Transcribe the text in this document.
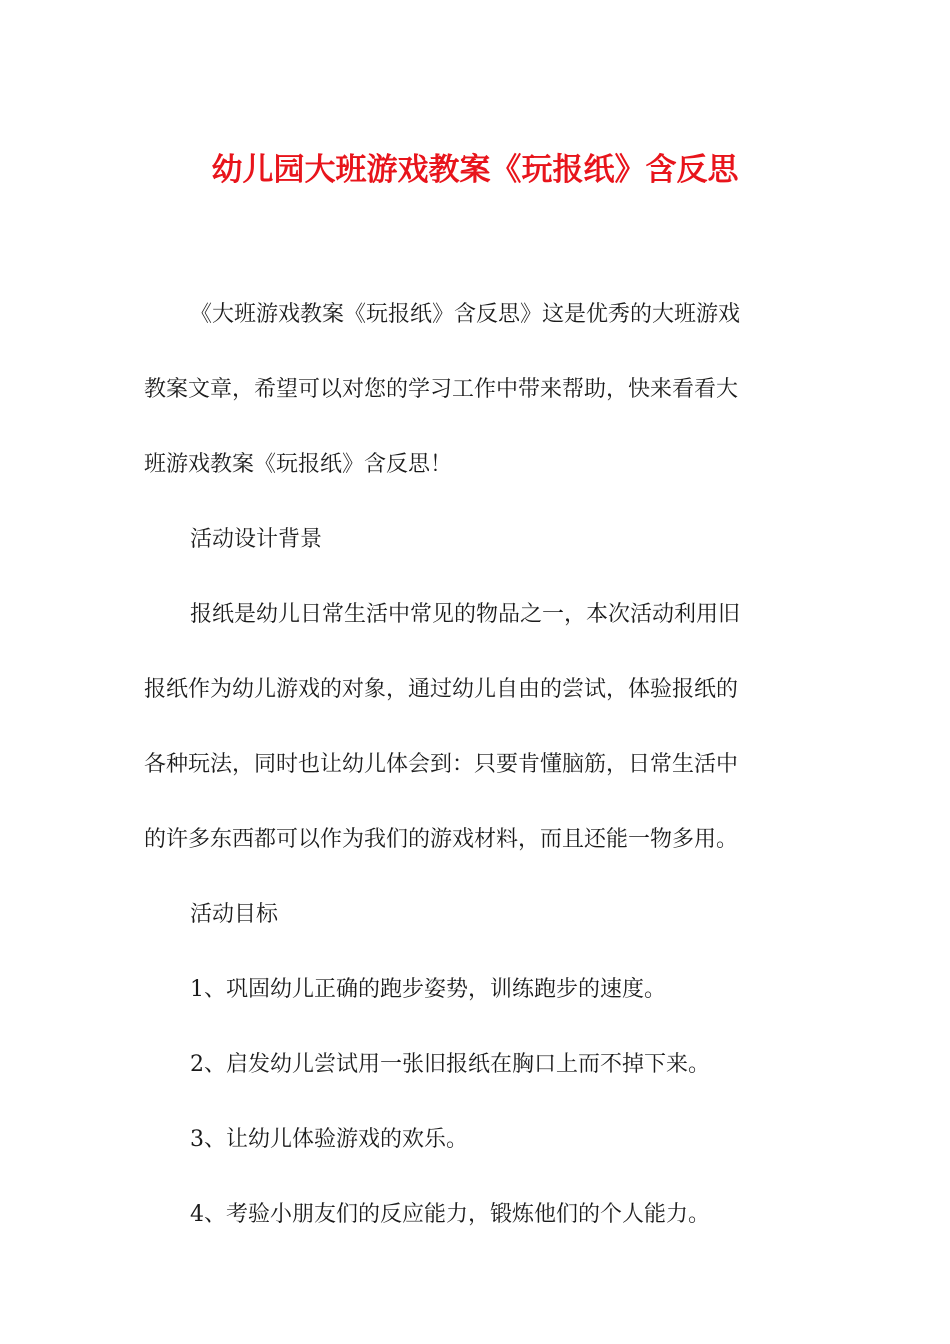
幼儿园大班游戏教案《玩报纸》含反思
《大班游戏教案《玩报纸》含反思》这是优秀的大班游戏
教案文章，希望可以对您的学习工作中带来帮助，快来看看大
班游戏教案《玩报纸》含反思！
活动设计背景
报纸是幼儿日常生活中常见的物品之一，本次活动利用旧
报纸作为幼儿游戏的对象，通过幼儿自由的尝试，体验报纸的
各种玩法，同时也让幼儿体会到：只要肯懂脑筋，日常生活中
的许多东西都可以作为我们的游戏材料，而且还能一物多用。
活动目标
1、巩固幼儿正确的跑步姿势，训练跑步的速度。
2、启发幼儿尝试用一张旧报纸在胸口上而不掉下来。
3、让幼儿体验游戏的欢乐。
4、考验小朋友们的反应能力，锻炼他们的个人能力。
